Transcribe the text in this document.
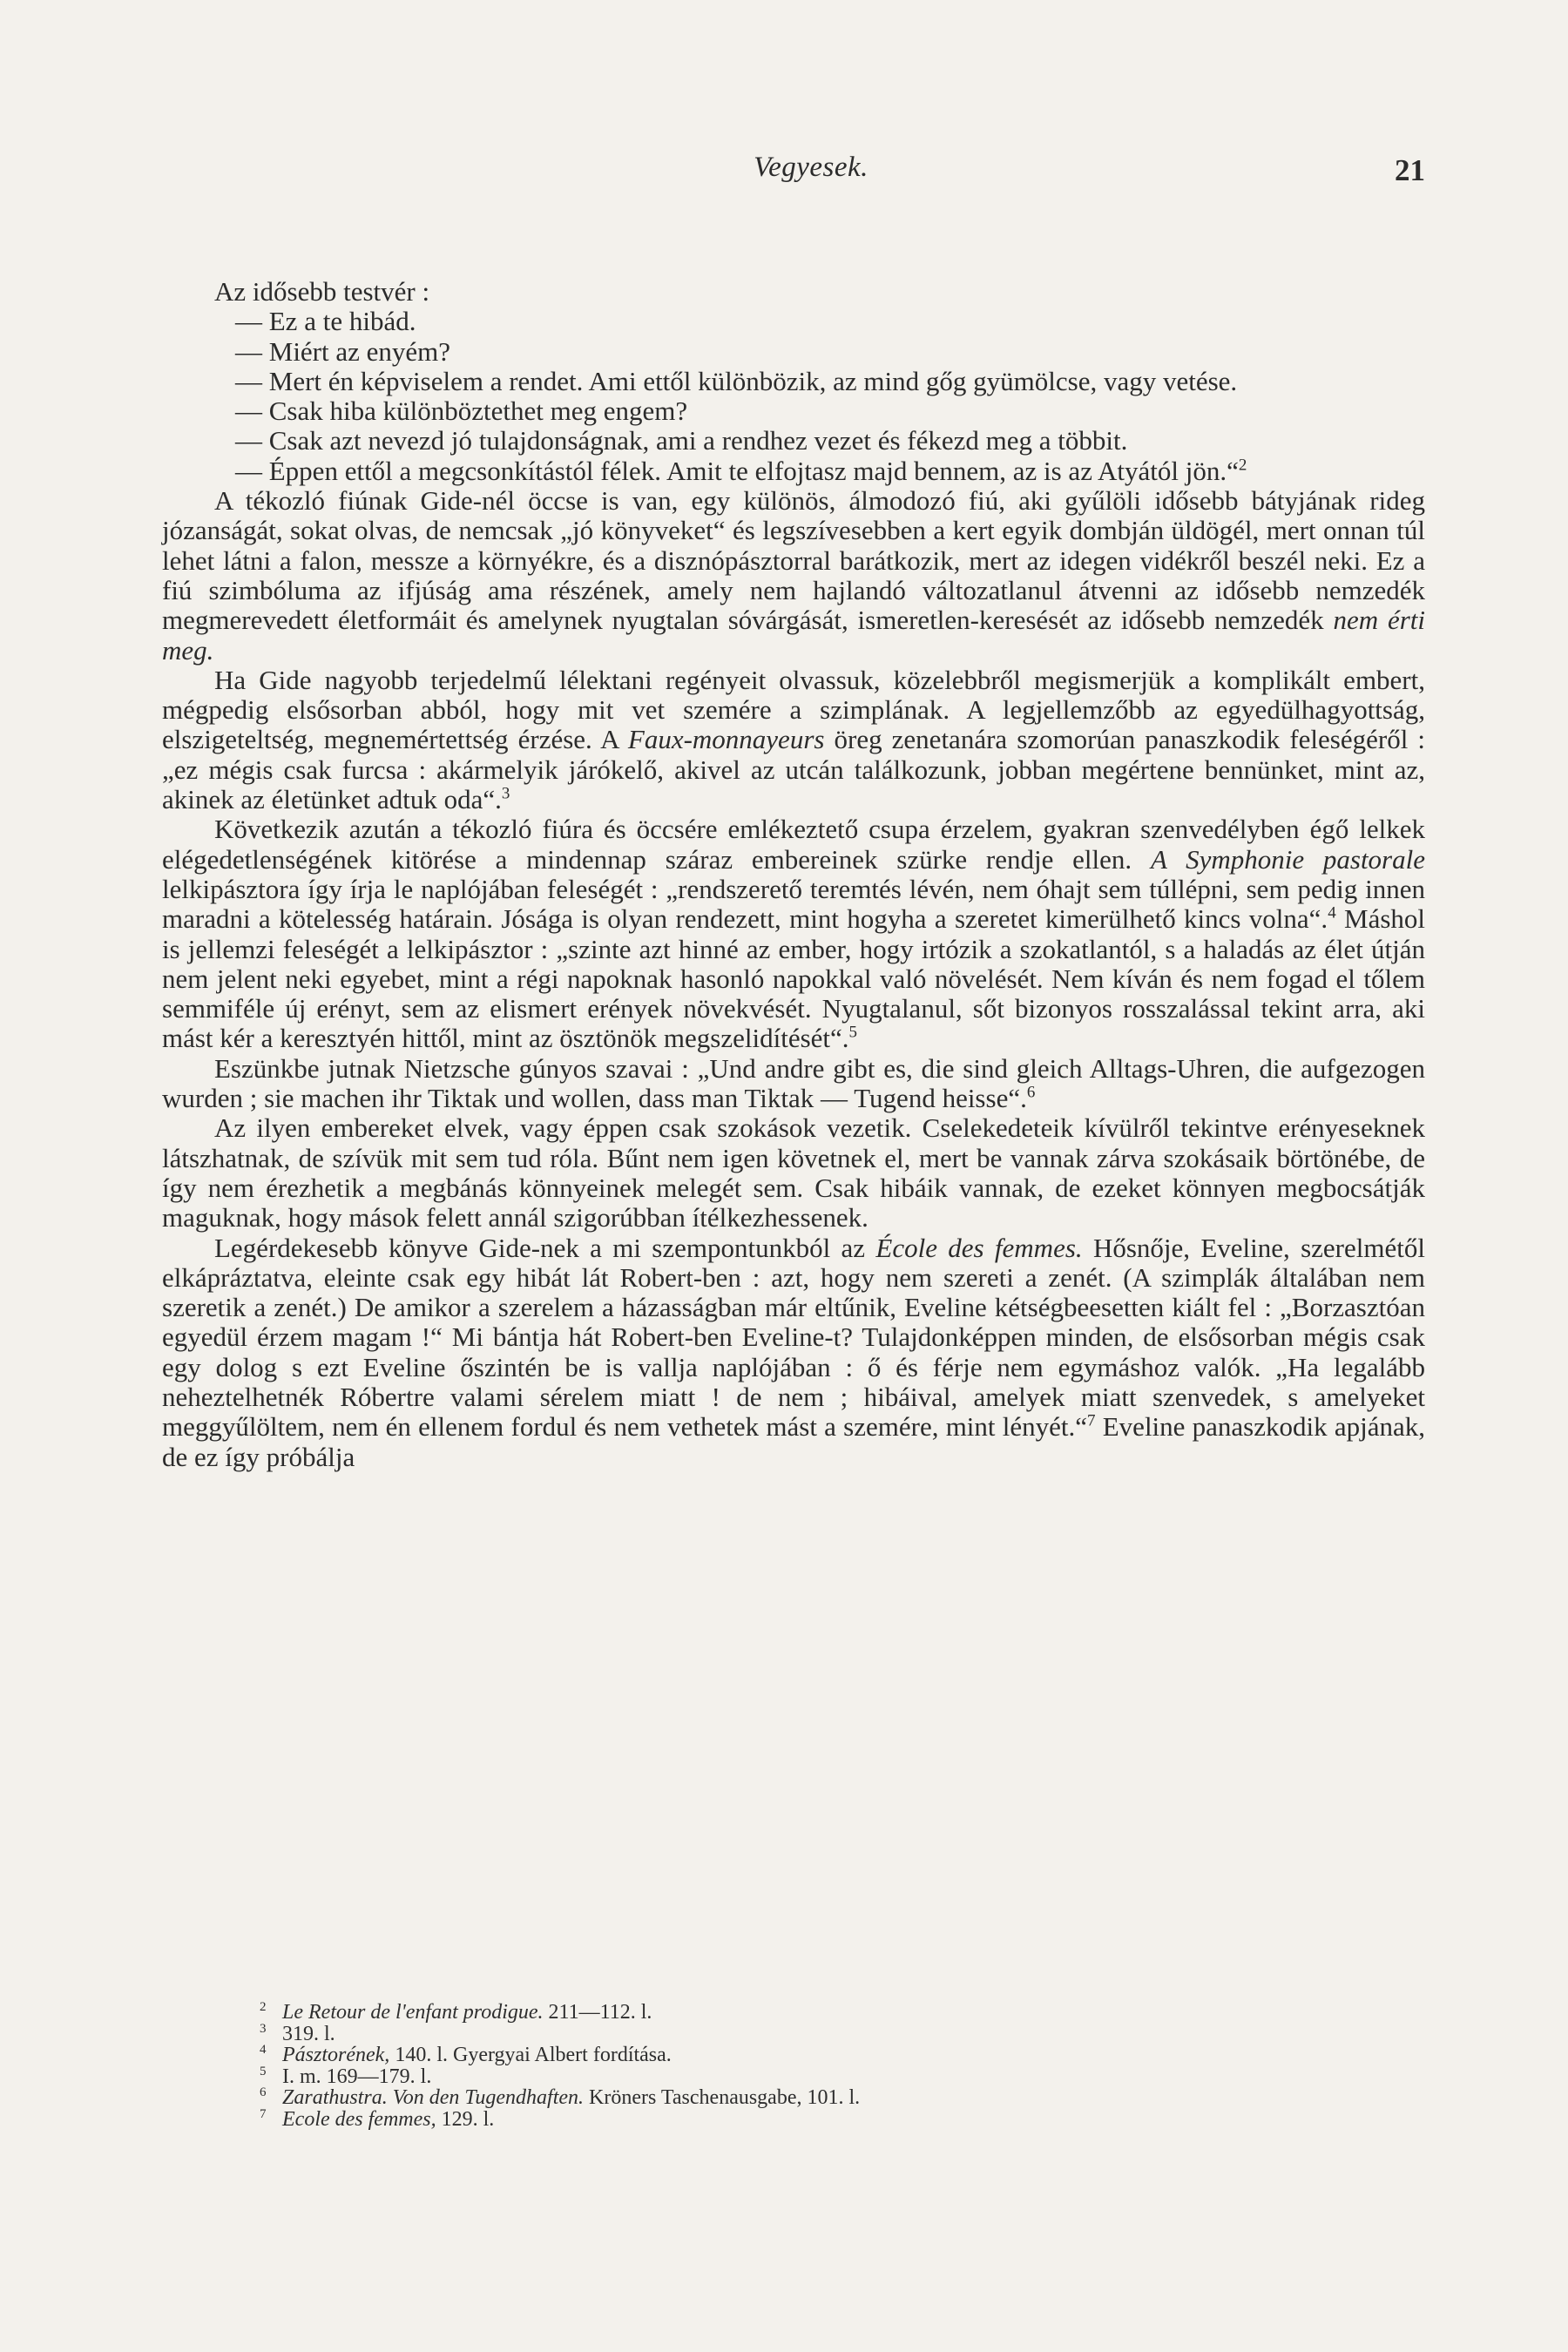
Vegyesek.	21

Az idősebb testvér :

— Ez a te hibád.

— Miért az enyém?

— Mert én képviselem a rendet. Ami ettől különbözik, az mind gőg gyümölcse, vagy vetése.

— Csak hiba különböztethet meg engem?

— Csak azt nevezd jó tulajdonságnak, ami a rendhez vezet és fékezd meg a többit.

— Éppen ettől a megcsonkítástól félek. Amit te elfojtasz majd bennem, az is az Atyától jön.“$^2$

A tékozló fiúnak Gide-nél öccse is van, egy különös, álmodozó fiú, aki gyűlöli idősebb bátyjának rideg józanságát, sokat olvas, de nemcsak „jó könyveket“ és legszívesebben a kert egyik dombján üldögél, mert onnan túl lehet látni a falon, messze a környékre, és a disznópásztorral barátkozik, mert az idegen vidékről beszél neki. Ez a fiú szimbóluma az ifjúság ama részének, amely nem hajlandó változatlanul átvenni az idősebb nemzedék megmerevedett életformáit és amelynek nyugtalan sóvárgását, ismeretlen-keresését az idősebb nemzedék nem érti meg.

Ha Gide nagyobb terjedelmű lélektani regényeit olvassuk, közelebbről megismerjük a komplikált embert, mégpedig elsősorban abból, hogy mit vet szemére a szimplának. A legjellemzőbb az egyedülhagyottság, elszigeteltség, megnemértettség érzése. A Faux-monnayeurs öreg zenetanára szomorúan panaszkodik feleségéről : „ez mégis csak furcsa : akármelyik járókelő, akivel az utcán találkozunk, jobban megértene bennünket, mint az, akinek az életünket adtuk oda“.$^3$

Következik azután a tékozló fiúra és öccsére emlékeztető csupa érzelem, gyakran szenvedélyben égő lelkek elégedetlenségének kitörése a mindennap száraz embereinek szürke rendje ellen. A Symphonie pastorale lelkipásztora így írja le naplójában feleségét : „rendszerető teremtés lévén, nem óhajt sem túllépni, sem pedig innen maradni a kötelesség határain. Jósága is olyan rendezett, mint hogyha a szeretet kimerülhető kincs volna“.$^4$ Máshol is jellemzi feleségét a lelkipásztor : „szinte azt hinné az ember, hogy irtózik a szokatlantól, s a haladás az élet útján nem jelent neki egyebet, mint a régi napoknak hasonló napokkal való növelését. Nem kíván és nem fogad el tőlem semmiféle új erényt, sem az elismert erények növekvését. Nyugtalanul, sőt bizonyos rosszalással tekint arra, aki mást kér a keresztyén hittől, mint az ösztönök megszelidítését“.$^5$

Eszünkbe jutnak Nietzsche gúnyos szavai : „Und andre gibt es, die sind gleich Alltags-Uhren, die aufgezogen wurden ; sie machen ihr Tiktak und wollen, dass man Tiktak — Tugend heisse“.$^6$

Az ilyen embereket elvek, vagy éppen csak szokások vezetik. Cselekedeteik kívülről tekintve erényeseknek látszhatnak, de szívük mit sem tud róla. Bűnt nem igen követnek el, mert be vannak zárva szokásaik börtönébe, de így nem érezhetik a megbánás könnyeinek melegét sem. Csak hibáik vannak, de ezeket könnyen megbocsátják maguknak, hogy mások felett annál szigorúbban ítélkezhessenek.

Legérdekesebb könyve Gide-nek a mi szempontunkból az École des femmes. Hősnője, Eveline, szerelmétől elkápráztatva, eleinte csak egy hibát lát Robert-ben : azt, hogy nem szereti a zenét. (A szimplák általában nem szeretik a zenét.) De amikor a szerelem a házasságban már eltűnik, Eveline kétségbeesetten kiált fel : „Borzasztóan egyedül érzem magam !“ Mi bántja hát Robert-ben Eveline-t? Tulajdonképpen minden, de elsősorban mégis csak egy dolog s ezt Eveline őszintén be is vallja naplójában : ő és férje nem egymáshoz valók. „Ha legalább neheztelhetnék Róbertre valami sérelem miatt ! de nem ; hibáival, amelyek miatt szenvedek, s amelyeket meggyűlöltem, nem én ellenem fordul és nem vethetek mást a szemére, mint lényét.“$^7$ Eveline panaszkodik apjának, de ez így próbálja

2 Le Retour de l'enfant prodigue. 211—112. l.

3 319. l.

4 Pásztorének, 140. l. Gyergyai Albert fordítása.

5 I. m. 169—179. l.

6 Zarathustra. Von den Tugendhaften. Kröners Taschenausgabe, 101. l.

7 Ecole des femmes, 129. l.
